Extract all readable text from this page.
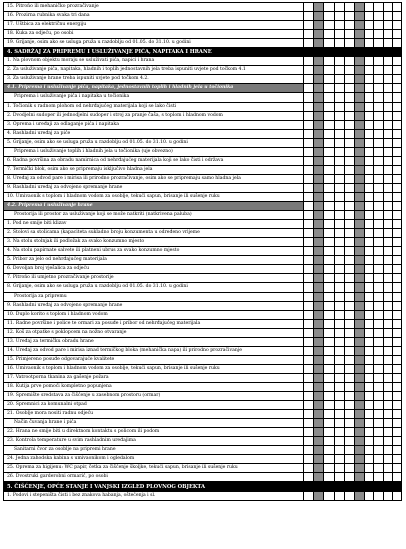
15. Pitroño ili mehaničko prozračivanje										
16. Prozirna rubnika svaka tri dana										
17. Uštbica za električnu energiju										
18. Kuka za odjeću, po osobi										
19. Grijanje, osim ako se usluga pruža u razdoblju od 01.05. do 31.10. u godini										
4. SADRŽAJ ZA PRIPREMU I USLUŽIVANJE PIĆA, NAPITAKA I HRANE										
1. Na plovnom objektu moraju se usluživati pića, napici i hrana										
2. Za usluživanje pića, napitaka, hladnih i toplih jednostavnih jela treba ispuniti uvjete pod točkom 4.1										
3. Za usluživanje hrane treba ispuniti uvjete pod točkom 4.2.										
4.1. Priprema i usluživanje pića, napitaka, jednostavnih toplih i hladnih jela u točionika										
Priprema i usluživanje pića i napitaka u točionika										
1. Točionik s radnom plohom od nehrđajućeg materijala koji se lako čisti										
2. Dvodjelni sudoper ili jednodjelni sudoper i stroj za pranje čaša, s toplom i hladnom vodom										
3. Oprema i uređaji za odlaganje pića i napitaka										
4. Rashladni uređaj za piće										
5. Grijanje, osim ako se usluga pruža u razdoblju od 01.05. do 31.10. u godini										
Priprema i usluživanje toplih i hladnih jela u točionika (uje obvezno)										
6. Radna površina za obradu namirnica od nehrđajućeg materijala koji se lako čisti i održava										
7. Termički blok, osim ako se pripremaju isključivo hladna jela										
8. Uređaj za odvod pare i mirisa ili prirodno prozračivanje, osim ako se pripremaju samo hladna jela										
9. Rashladni uređaj za odvojeno spremanje hrane										
10. Umivaonik s toplom i hladnom vodom za osoblje, tekući sapun, brisanje ili sušenje ruku										
4.2. Priprema i usluživanje hrane										
Prostorija ili prostor za usluživanje koji se može natkriti (natkrivena paluba)										
1. Pod ne smije biti klizav										
2. Stolovi sa stolicama (kapaciteta sukladno broju konzumenta u određeno vrijeme										
3. Na stolu stolnjak ili podložak za svako konzumno mjesto										
4. Na stolu papirnate salvete ili platneni ubrus za svako konzumno mjesto										
5. Pribor za jelo od nehrđajućeg materijala										
6. Dovoljan broj vješalica za odjeću										
7. Pitroño ili umjetno prozračivanje prostorije										
8. Grijanje, osim ako se usluga pruža u razdoblju od 01.05. do 31.10. u godini										
Prostorija za pripremu										
9. Rashladni uređaj za odvojeno spremanje hrane										
10. Duplo korito s toplom i hladnom vodom										
11. Radne površine i police te ormari za posuđe i pribor od nehrđajućeg materijala										
12. Koš za otpatke s poklopcem na nožno otvaranje										
13. Uređaj za termičku obradu hrane										
14. Uređaj za odvod pare i mirisa iznad termičkog bloka (mehanička napa) ili prirodno prozračivanje										
15. Primjereno posuđe odgovarajuće kvalitete										
16. Umivaonik s toplom i hladnom vodom za osoblje, tekući sapun, brisanje ili sušenje ruku										
17. Vatrootporna tkanina za gašenje požara										
18. Kutija prve pomoći kompletno popunjena										
19. Spremište sredstava za čišćenje u zasebnom prostoru (ormar)										
20. Spremnici za komunalni otpad										
21. Osoblje mora nositi radnu odjeću										
Način čuvanja hrane i pića										
22. Hrana ne smije biti u direktnom kontaktu s policom ili podom										
23. Kontrola temperature u svim rashladnim uređajima										
Sanitarni čvor za osoblje na pripremi hrane										
24. Jedna zahodska kabina s umivaonikom i ogledalom										
25. Oprema za higijenu: WC papir, četka za čišćenje školjke, tekući sapun, brisanje ili sušenje ruku										
26. Dvostruki garderobni ormarić, po osobi										
5. ČIŠĆENJE, OPĆE STANJE I VANJSKI IZGLED PLOVNOG OBJEKTA										
1. Podovi i stepeništa čisti i bez znakova habanja, oštećenja i sl.										
